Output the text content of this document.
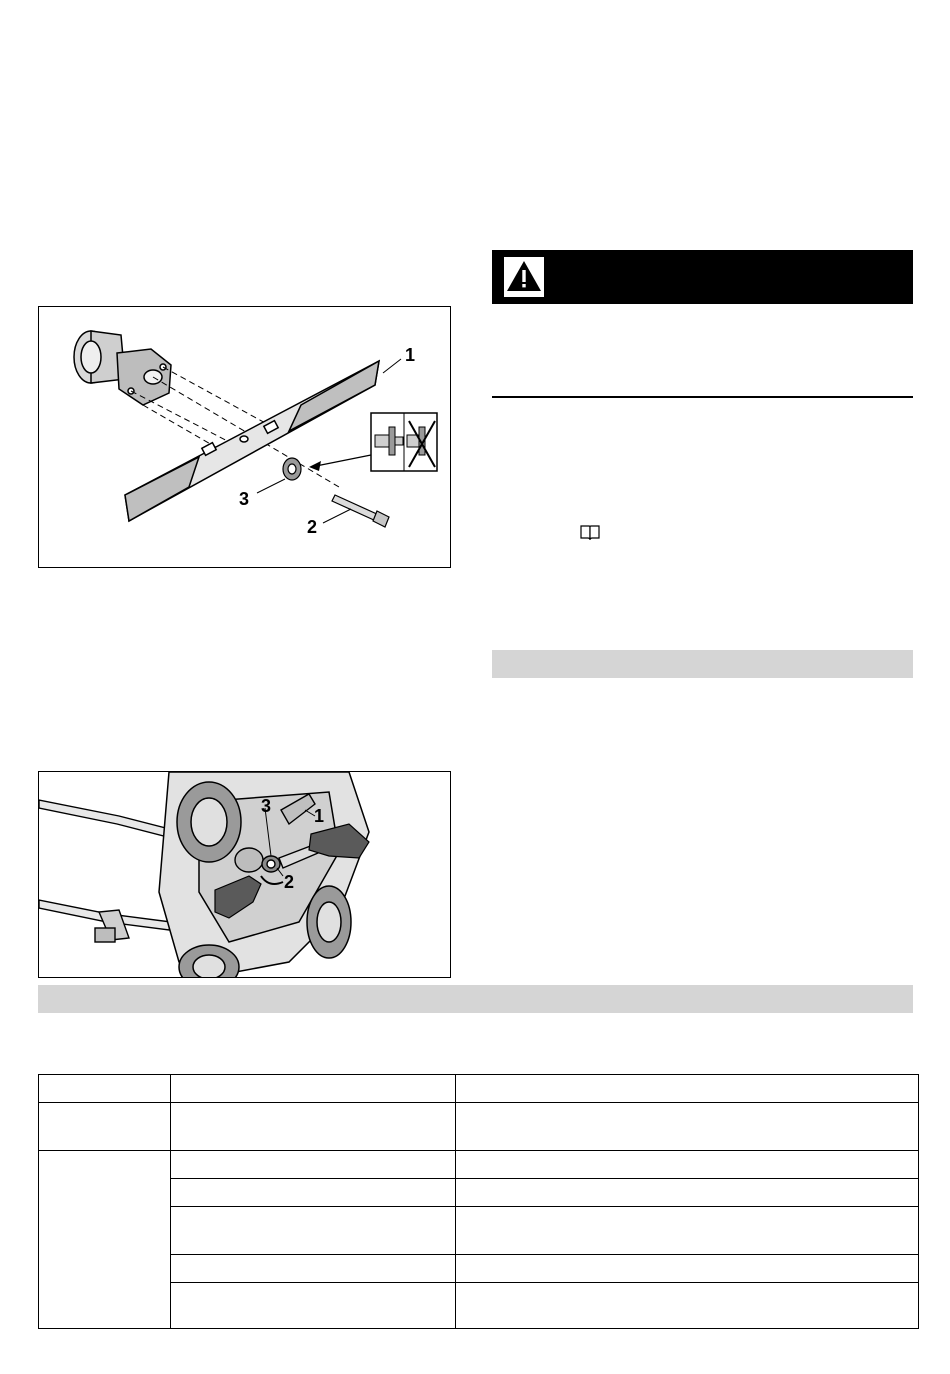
1
2
3
3 1
2
